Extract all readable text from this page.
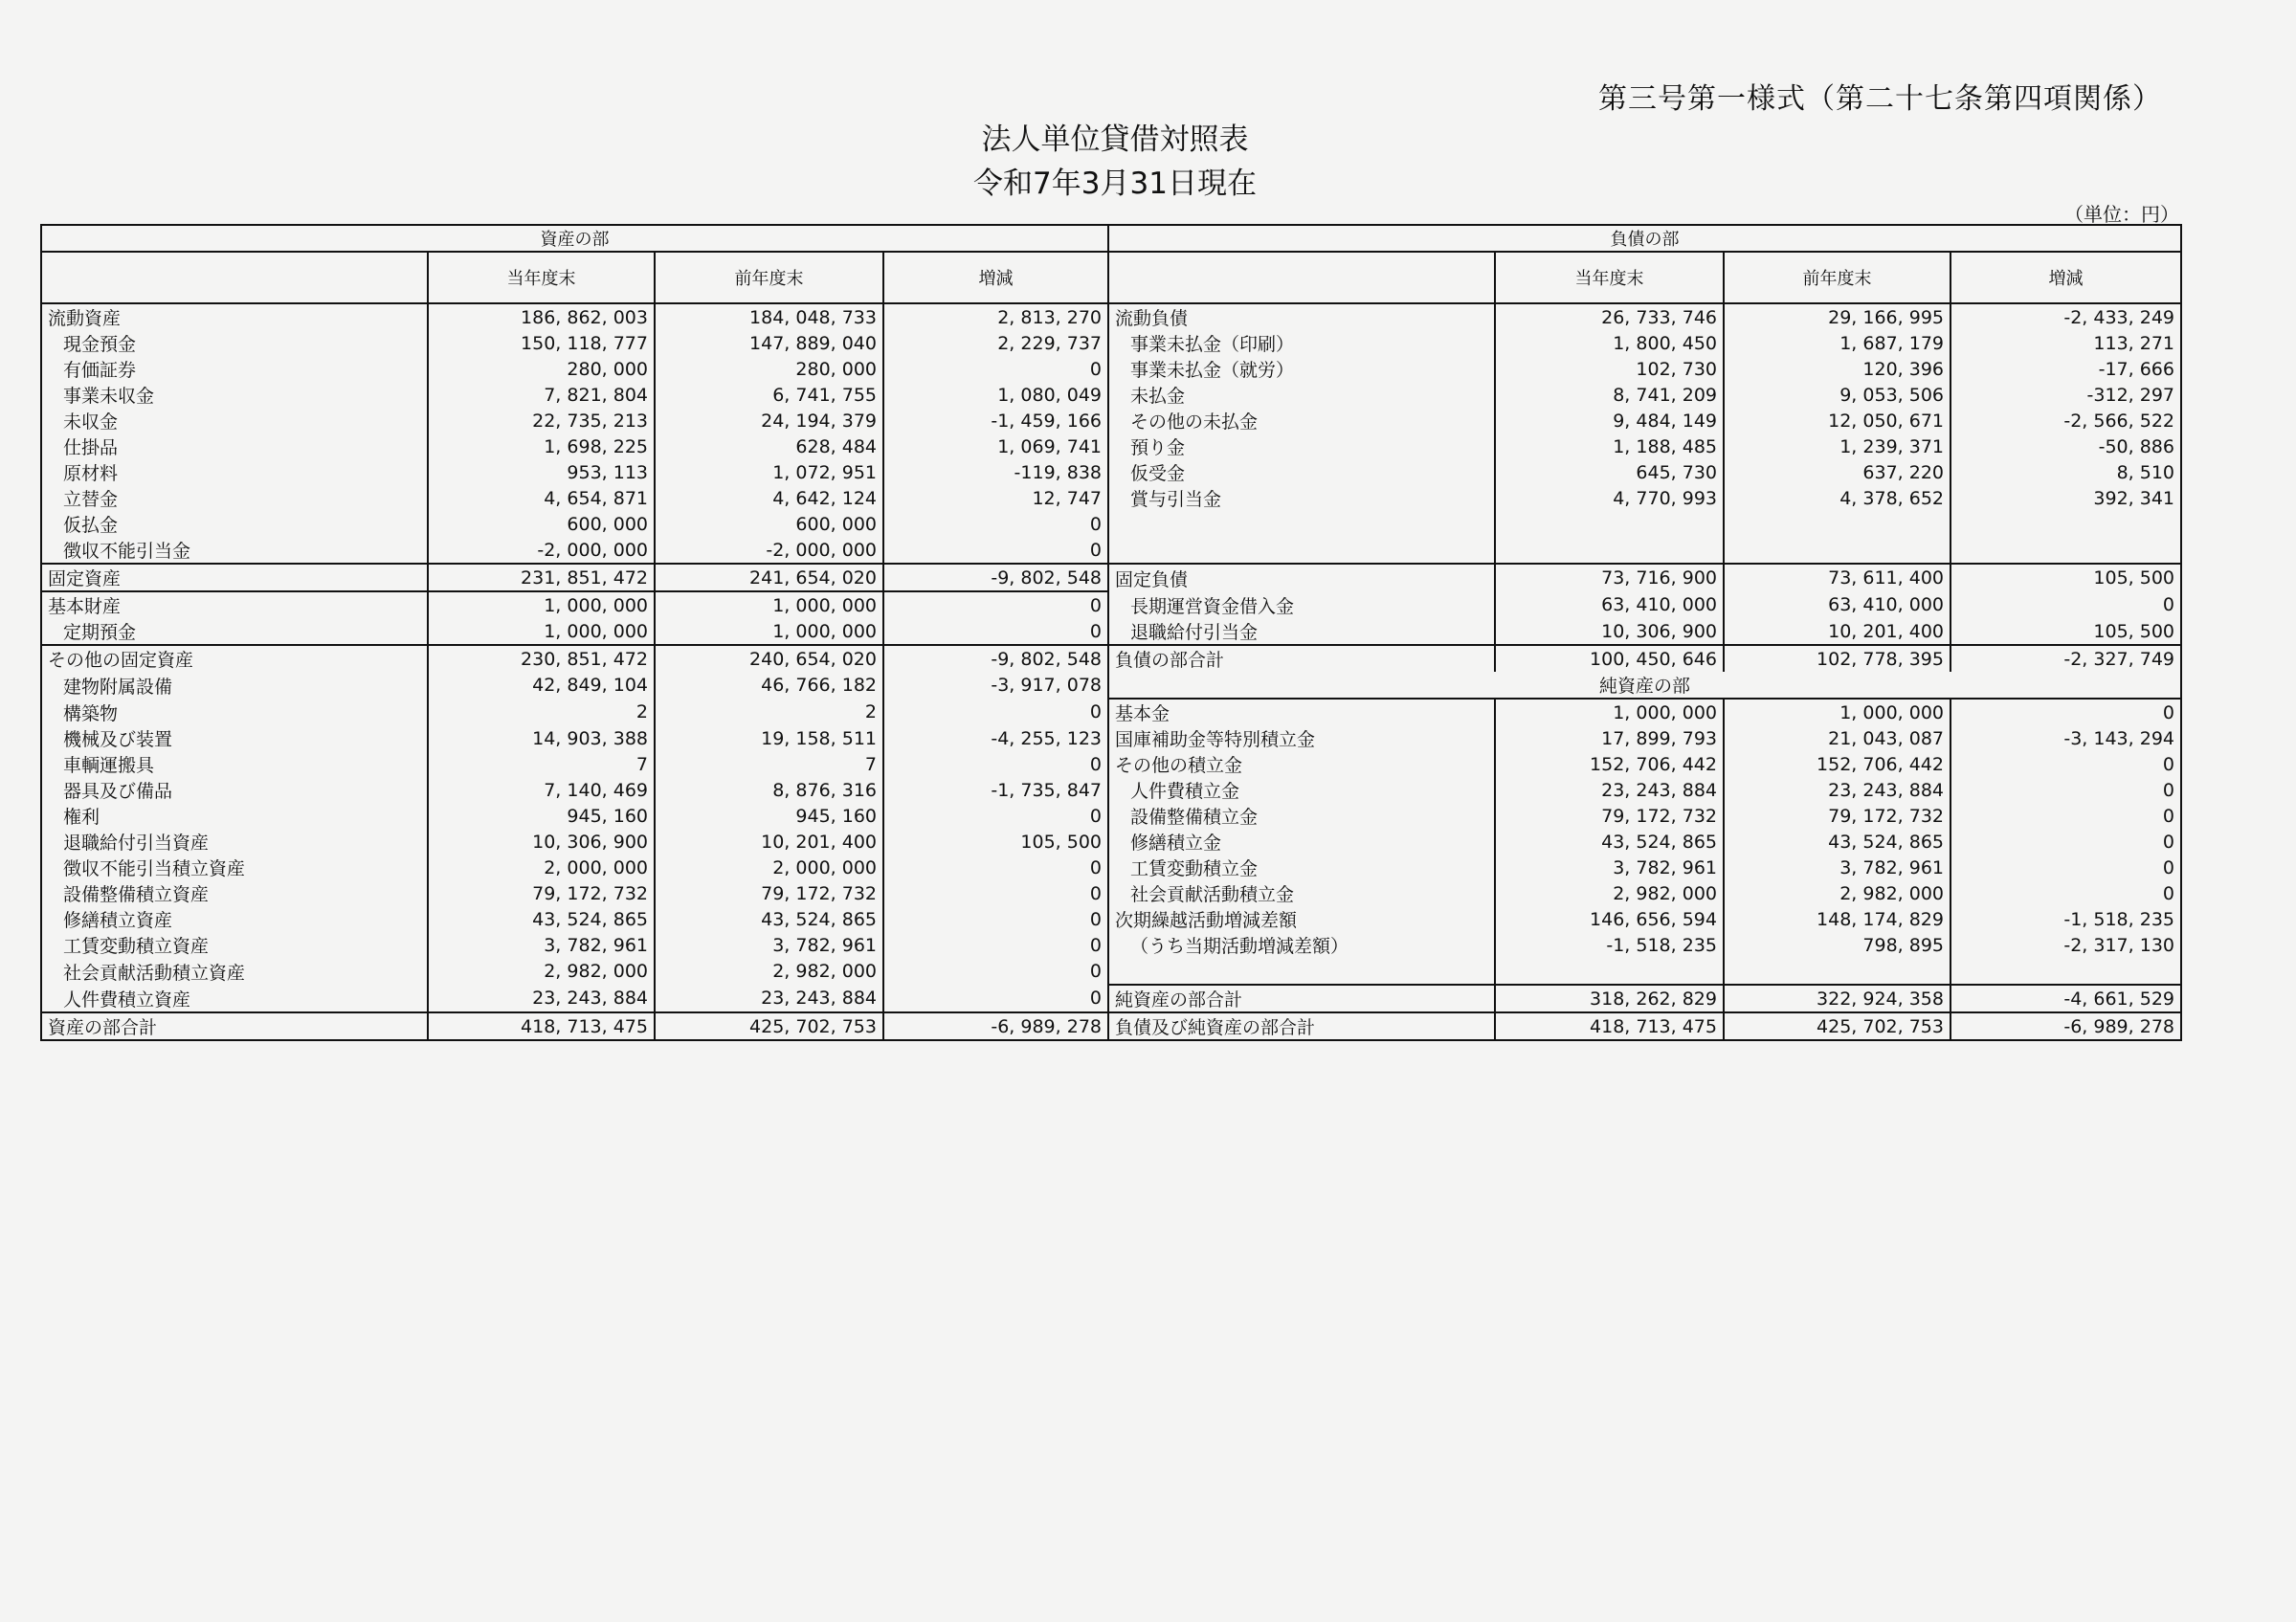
第三号第一様式（第二十七条第四項関係）
法人単位貸借対照表
令和7年3月31日現在
（単位：円）
資産の部				負債の部			
	当年度末	前年度末	増減		当年度末	前年度末	増減
流動資産	186, 862, 003	184, 048, 733	2, 813, 270	流動負債	26, 733, 746	29, 166, 995	-2, 433, 249
現金預金	150, 118, 777	147, 889, 040	2, 229, 737	事業未払金（印刷）	1, 800, 450	1, 687, 179	113, 271
有価証券	280, 000	280, 000	0	事業未払金（就労）	102, 730	120, 396	-17, 666
事業未収金	7, 821, 804	6, 741, 755	1, 080, 049	未払金	8, 741, 209	9, 053, 506	-312, 297
未収金	22, 735, 213	24, 194, 379	-1, 459, 166	その他の未払金	9, 484, 149	12, 050, 671	-2, 566, 522
仕掛品	1, 698, 225	628, 484	1, 069, 741	預り金	1, 188, 485	1, 239, 371	-50, 886
原材料	953, 113	1, 072, 951	-119, 838	仮受金	645, 730	637, 220	8, 510
立替金	4, 654, 871	4, 642, 124	12, 747	賞与引当金	4, 770, 993	4, 378, 652	392, 341
仮払金	600, 000	600, 000	0				
徴収不能引当金	-2, 000, 000	-2, 000, 000	0				
固定資産	231, 851, 472	241, 654, 020	-9, 802, 548	固定負債	73, 716, 900	73, 611, 400	105, 500
基本財産	1, 000, 000	1, 000, 000	0	長期運営資金借入金	63, 410, 000	63, 410, 000	0
定期預金	1, 000, 000	1, 000, 000	0	退職給付引当金	10, 306, 900	10, 201, 400	105, 500
その他の固定資産	230, 851, 472	240, 654, 020	-9, 802, 548	負債の部合計	100, 450, 646	102, 778, 395	-2, 327, 749
建物附属設備	42, 849, 104	46, 766, 182	-3, 917, 078	純資産の部			
構築物	2	2	0	基本金	1, 000, 000	1, 000, 000	0
機械及び装置	14, 903, 388	19, 158, 511	-4, 255, 123	国庫補助金等特別積立金	17, 899, 793	21, 043, 087	-3, 143, 294
車輌運搬具	7	7	0	その他の積立金	152, 706, 442	152, 706, 442	0
器具及び備品	7, 140, 469	8, 876, 316	-1, 735, 847	人件費積立金	23, 243, 884	23, 243, 884	0
権利	945, 160	945, 160	0	設備整備積立金	79, 172, 732	79, 172, 732	0
退職給付引当資産	10, 306, 900	10, 201, 400	105, 500	修繕積立金	43, 524, 865	43, 524, 865	0
徴収不能引当積立資産	2, 000, 000	2, 000, 000	0	工賃変動積立金	3, 782, 961	3, 782, 961	0
設備整備積立資産	79, 172, 732	79, 172, 732	0	社会貢献活動積立金	2, 982, 000	2, 982, 000	0
修繕積立資産	43, 524, 865	43, 524, 865	0	次期繰越活動増減差額	146, 656, 594	148, 174, 829	-1, 518, 235
工賃変動積立資産	3, 782, 961	3, 782, 961	0	（うち当期活動増減差額）	-1, 518, 235	798, 895	-2, 317, 130
社会貢献活動積立資産	2, 982, 000	2, 982, 000	0				
人件費積立資産	23, 243, 884	23, 243, 884	0	純資産の部合計	318, 262, 829	322, 924, 358	-4, 661, 529
資産の部合計	418, 713, 475	425, 702, 753	-6, 989, 278	負債及び純資産の部合計	418, 713, 475	425, 702, 753	-6, 989, 278
